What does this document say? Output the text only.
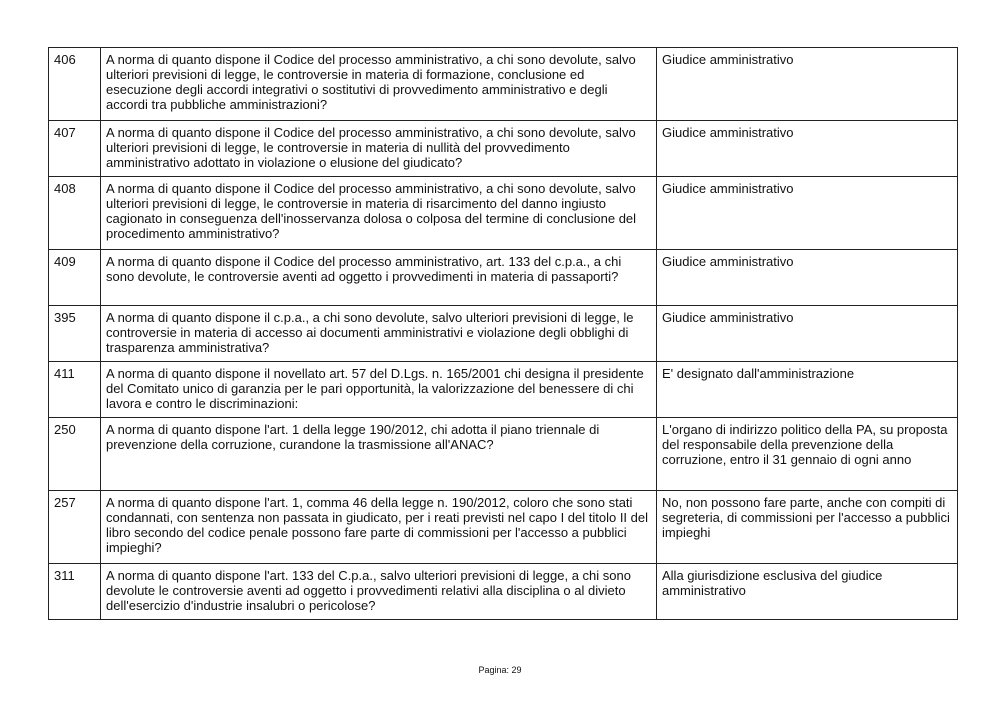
406	A norma di quanto dispone il Codice del processo amministrativo, a chi sono devolute, salvo ulteriori previsioni di legge, le controversie in materia di formazione, conclusione ed esecuzione degli accordi integrativi o sostitutivi di provvedimento amministrativo e degli accordi tra pubbliche amministrazioni?	Giudice amministrativo
407	A norma di quanto dispone il Codice del processo amministrativo, a chi sono devolute, salvo ulteriori previsioni di legge, le controversie in materia di nullità del provvedimento amministrativo adottato in violazione o elusione del giudicato?	Giudice amministrativo
408	A norma di quanto dispone il Codice del processo amministrativo, a chi sono devolute, salvo ulteriori previsioni di legge, le controversie in materia di risarcimento del danno ingiusto cagionato in conseguenza dell'inosservanza dolosa o colposa del termine di conclusione del procedimento amministrativo?	Giudice amministrativo
409	A norma di quanto dispone il Codice del processo amministrativo, art. 133 del c.p.a., a chi sono devolute, le controversie aventi ad oggetto i provvedimenti in materia di passaporti?	Giudice amministrativo
395	A norma di quanto dispone il c.p.a., a chi sono devolute, salvo ulteriori previsioni di legge, le controversie in materia di accesso ai documenti amministrativi e violazione degli obblighi di trasparenza amministrativa?	Giudice amministrativo
411	A norma di quanto dispone il novellato art. 57 del D.Lgs. n. 165/2001 chi designa il presidente del Comitato unico di garanzia per le pari opportunità, la valorizzazione del benessere di chi lavora e contro le discriminazioni:	E' designato dall'amministrazione
250	A norma di quanto dispone l'art. 1 della legge 190/2012, chi adotta il piano triennale di prevenzione della corruzione, curandone la trasmissione all'ANAC?	L'organo di indirizzo politico della PA, su proposta del responsabile della prevenzione della corruzione, entro il 31 gennaio di ogni anno
257	A norma di quanto dispone l'art. 1, comma 46 della legge n. 190/2012, coloro che sono stati condannati, con sentenza non passata in giudicato, per i reati previsti nel capo I del titolo II del libro secondo del codice penale possono fare parte di commissioni per l'accesso a pubblici impieghi?	No, non possono fare parte, anche con compiti di segreteria, di commissioni per l'accesso a pubblici impieghi
311	A norma di quanto dispone l'art. 133 del C.p.a., salvo ulteriori previsioni di legge, a chi sono devolute le controversie aventi ad oggetto i provvedimenti relativi alla disciplina o al divieto dell'esercizio d'industrie insalubri o pericolose?	Alla giurisdizione esclusiva del giudice amministrativo
Pagina: 29
